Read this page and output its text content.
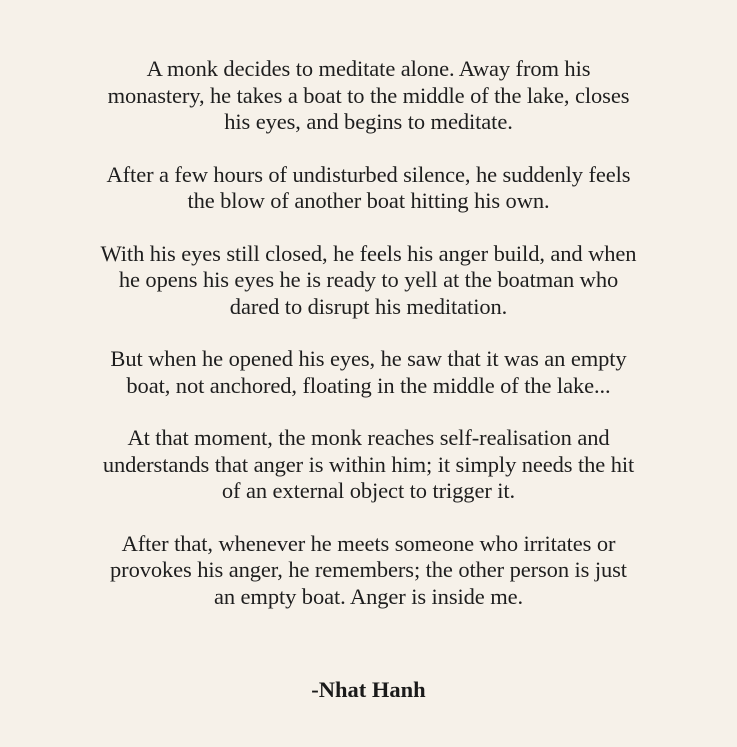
A monk decides to meditate alone. Away from his
monastery, he takes a boat to the middle of the lake, closes
his eyes, and begins to meditate.

After a few hours of undisturbed silence, he suddenly feels
the blow of another boat hitting his own.

With his eyes still closed, he feels his anger build, and when
he opens his eyes he is ready to yell at the boatman who
dared to disrupt his meditation.

But when he opened his eyes, he saw that it was an empty
boat, not anchored, floating in the middle of the lake...

At that moment, the monk reaches self-realisation and
understands that anger is within him; it simply needs the hit
of an external object to trigger it.

After that, whenever he meets someone who irritates or
provokes his anger, he remembers; the other person is just
an empty boat. Anger is inside me.

-Nhat Hanh
